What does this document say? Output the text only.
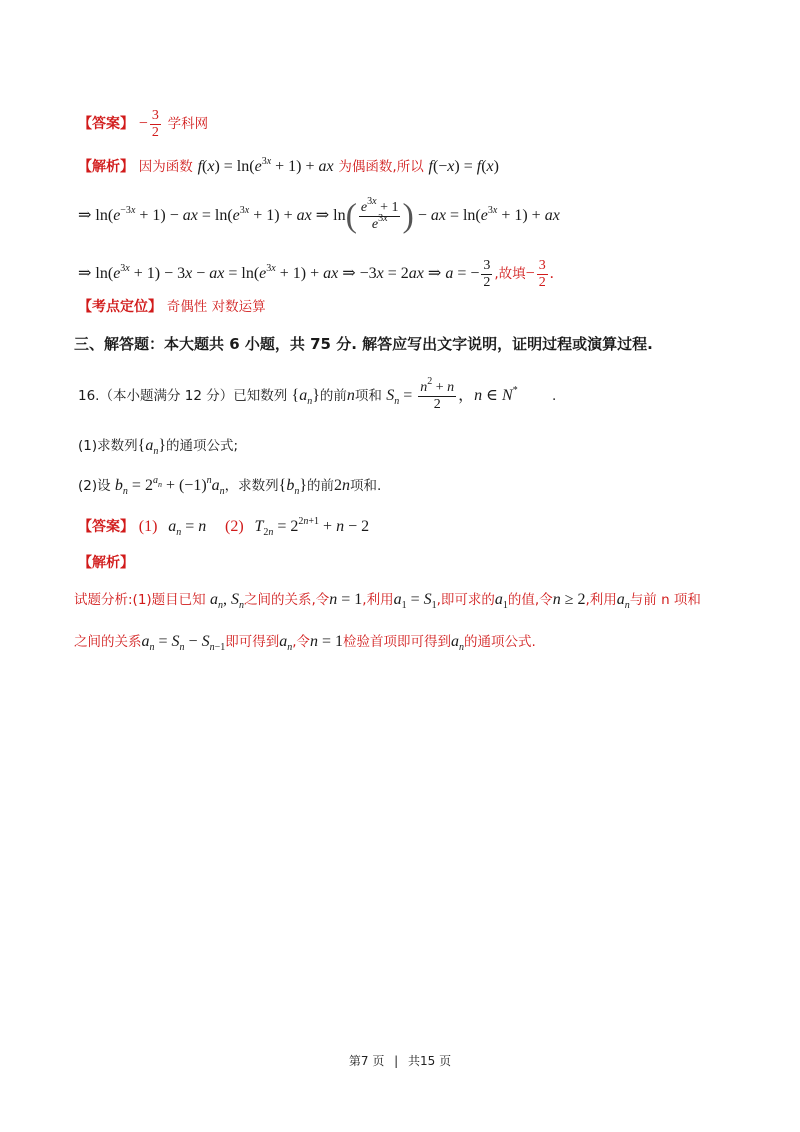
【答案】 − $\frac{3}{2}$ 学科网
【解析】 因为函数 $f(x) = \ln(e^{3x} + 1)$ + ax 为偶函数,所以 f(−x) = f(x)
⇒ $\ln(e^{-3x} + 1)$ − ax = $\ln(e^{3x} + 1)$ + ax ⇒ $\ln( \frac{e^{3x} + 1}{e^{3x}}$ ) − ax = $\ln(e^{3x} + 1)$ + ax
⇒ $\ln(e^{3x} + 1) - 3x$ − ax = $\ln(e^{3x} + 1)$ + ax ⇒ −3x = 2ax ⇒ a = − $\frac{3}{2}$ ,故填− $\frac{3}{2}$ .
【考点定位】 奇偶性 对数运算
三、解答题：本大题共 6 小题，共 75 分. 解答应写出文字说明，证明过程或演算过程.
16.（本小题满分 12 分）已知数列 $\{a_n\}$的前n项和 $S_n = \frac{n^2 + n}{2}$ ，n ∈ N*	.
(1)求数列$\{a_n\}$的通项公式;
(2)设 $b_n = 2^{a_n} + (-1)^na_n$，求数列$\{b_n\}$的前2n项和.
【答案】 (1) $a_n = n$ (2) $T_{2n} = 2^{2n+1} + n - 2$
【解析】
试题分析:(1)题目已知 $a_n$, $S_n$之间的关系,令n = 1,利用$a_1 = S_1$,即可求的$a_1$的值,令n ≥ 2,利用$a_n$与前 n 项和
之间的关系$a_n = S_n - S_{n-1}$即可得到$a_n$,令n = 1检验首项即可得到$a_n$的通项公式.
第7 页 | 共15 页
